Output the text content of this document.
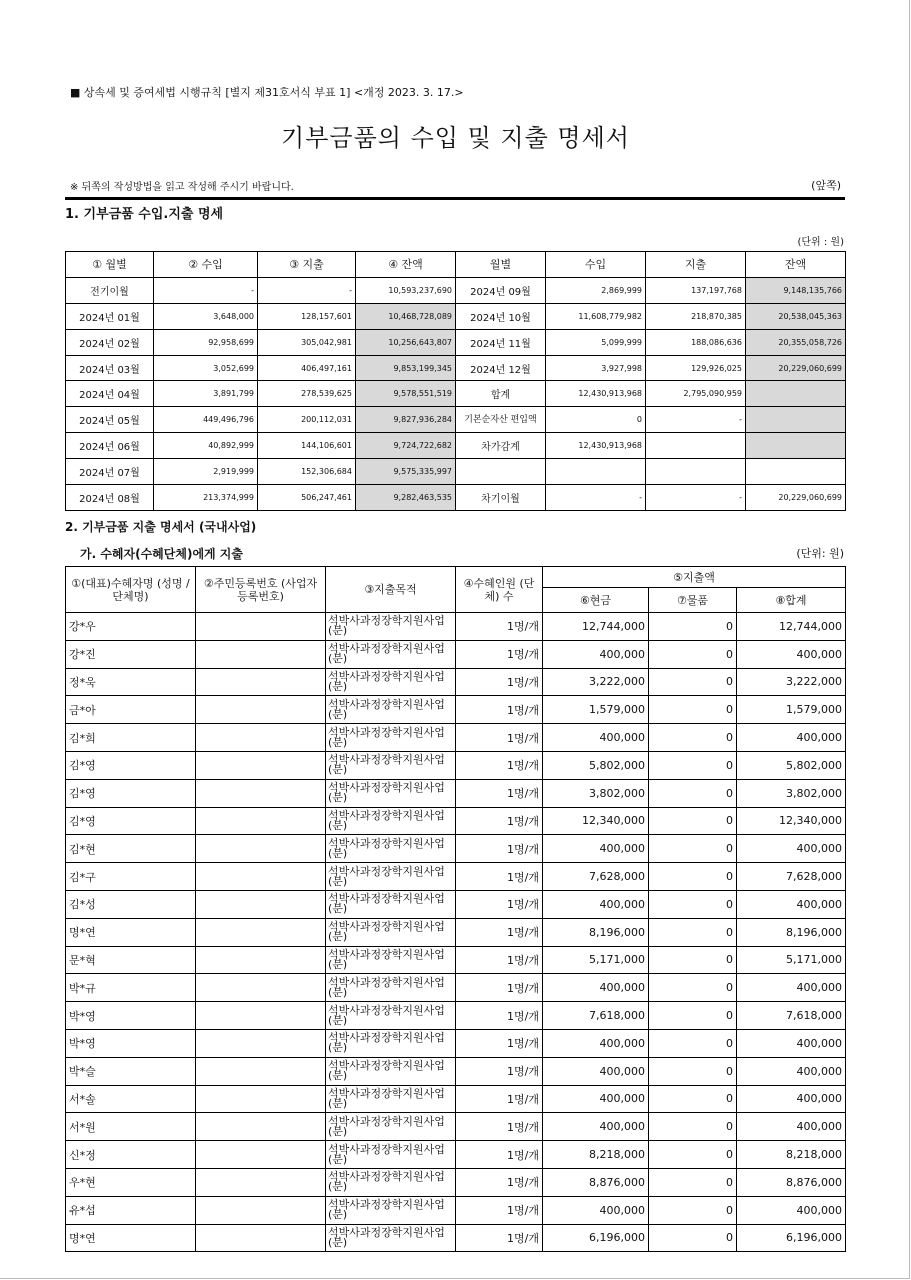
■ 상속세 및 증여세법 시행규칙 [별지 제31호서식 부표 1] <개정 2023. 3. 17.>
기부금품의 수입 및 지출 명세서
※ 뒤쪽의 작성방법을 읽고 작성해 주시기 바랍니다.	(앞쪽)
1. 기부금품 수입.지출 명세
(단위 : 원)
① 월별	② 수입	③ 지출	④ 잔액	월별	수입	지출	잔액
전기이월	-	-	10,593,237,690	2024년 09월	2,869,999	137,197,768	9,148,135,766
2024년 01월	3,648,000	128,157,601	10,468,728,089	2024년 10월	11,608,779,982	218,870,385	20,538,045,363
2024년 02월	92,958,699	305,042,981	10,256,643,807	2024년 11월	5,099,999	188,086,636	20,355,058,726
2024년 03월	3,052,699	406,497,161	9,853,199,345	2024년 12월	3,927,998	129,926,025	20,229,060,699
2024년 04월	3,891,799	278,539,625	9,578,551,519	합계	12,430,913,968	2,795,090,959	
2024년 05월	449,496,796	200,112,031	9,827,936,284	기본순자산 편입액	0	-	
2024년 06월	40,892,999	144,106,601	9,724,722,682	차가감계	12,430,913,968		
2024년 07월	2,919,999	152,306,684	9,575,335,997				
2024년 08월	213,374,999	506,247,461	9,282,463,535	차기이월	-	-	20,229,060,699
2. 기부금품 지출 명세서 (국내사업)
가. 수혜자(수혜단체)에게 지출	(단위: 원)
①(대표)수혜자명 (성명 / 단체명)	②주민등록번호 (사업자등록번호)	③지출목적	④수혜인원 (단체) 수	⑤지출액		
				⑥현금	⑦물품	⑧합계
강*우		석박사과정장학지원사업(분)	1명/개	12,744,000	0	12,744,000
강*진		석박사과정장학지원사업(분)	1명/개	400,000	0	400,000
정*욱		석박사과정장학지원사업(분)	1명/개	3,222,000	0	3,222,000
금*아		석박사과정장학지원사업(분)	1명/개	1,579,000	0	1,579,000
김*희		석박사과정장학지원사업(분)	1명/개	400,000	0	400,000
김*영		석박사과정장학지원사업(분)	1명/개	5,802,000	0	5,802,000
김*영		석박사과정장학지원사업(분)	1명/개	3,802,000	0	3,802,000
김*영		석박사과정장학지원사업(분)	1명/개	12,340,000	0	12,340,000
김*현		석박사과정장학지원사업(분)	1명/개	400,000	0	400,000
김*구		석박사과정장학지원사업(분)	1명/개	7,628,000	0	7,628,000
김*성		석박사과정장학지원사업(분)	1명/개	400,000	0	400,000
명*연		석박사과정장학지원사업(분)	1명/개	8,196,000	0	8,196,000
문*혁		석박사과정장학지원사업(분)	1명/개	5,171,000	0	5,171,000
박*규		석박사과정장학지원사업(분)	1명/개	400,000	0	400,000
박*영		석박사과정장학지원사업(분)	1명/개	7,618,000	0	7,618,000
박*영		석박사과정장학지원사업(분)	1명/개	400,000	0	400,000
박*슬		석박사과정장학지원사업(분)	1명/개	400,000	0	400,000
서*솔		석박사과정장학지원사업(분)	1명/개	400,000	0	400,000
서*원		석박사과정장학지원사업(분)	1명/개	400,000	0	400,000
신*정		석박사과정장학지원사업(분)	1명/개	8,218,000	0	8,218,000
우*현		석박사과정장학지원사업(분)	1명/개	8,876,000	0	8,876,000
유*섭		석박사과정장학지원사업(분)	1명/개	400,000	0	400,000
명*연		석박사과정장학지원사업(분)	1명/개	6,196,000	0	6,196,000
